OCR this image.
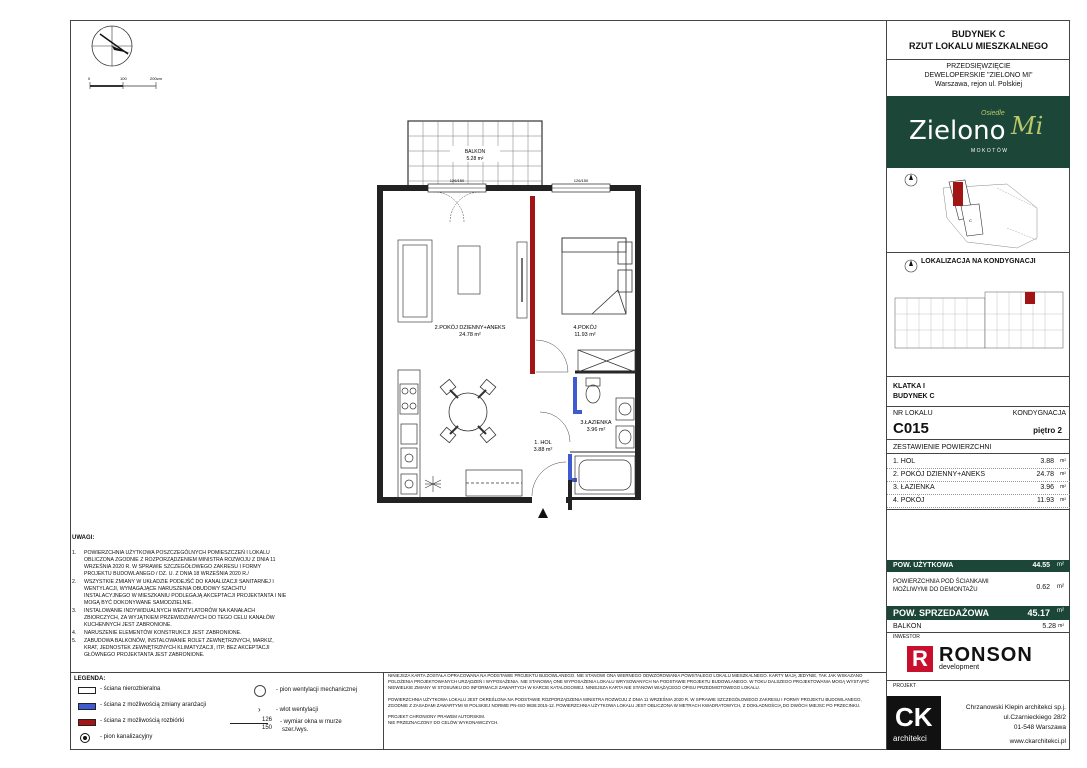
0	100	200cm
BALKON
5.28 m²
126/150	126/150
2.POKÓJ DZIENNY+ANEKS
24.78 m²
4.POKÓJ
11.93 m²
3.ŁAZIENKA
3.96 m²
1. HOL
3.88 m²
UWAGI:
1. POWIERZCHNIA UŻYTKOWA POSZCZEGÓLNYCH POMIESZCZEŃ I LOKALU OBLICZONA ZGODNIE Z ROZPORZĄDZENIEM MINISTRA ROZWOJU Z DNIA 11 WRZEŚNIA 2020 R. W SPRAWIE SZCZEGÓŁOWEGO ZAKRESU I FORMY PROJEKTU BUDOWLANEGO / DZ. U. Z DNIA 18 WRZEŚNIA 2020 R./
2. WSZYSTKIE ZMIANY W UKŁADZIE PODEJŚĆ DO KANALIZACJI SANITARNEJ I WENTYLACJI, WYMAGAJĄCE NARUSZENIA OBUDOWY SZACHTU INSTALACYJNEGO W MIESZKANIU PODLEGAJĄ AKCEPTACJI PROJEKTANTA I NIE MOGĄ BYĆ DOKONYWANE SAMODZIELNIE.
3. INSTALOWANIE INDYWIDUALNYCH WENTYLATORÓW NA KANAŁACH ZBIORCZYCH, ZA WYJĄTKIEM PRZEWIDZIANYCH DO TEGO CELU KANAŁÓW KUCHENNYCH JEST ZABRONIONE.
4. NARUSZENIE ELEMENTÓW KONSTRUKCJI JEST ZABRONIONE.
5. ZABUDOWA BALKONÓW, INSTALOWANIE ROLET ZEWNĘTRZNYCH, MARKIZ, KRAT, JEDNOSTEK ZEWNĘTRZNYCH KLIMATYZACJI, ITP. BEZ AKCEPTACJI GŁÓWNEGO PROJEKTANTA JEST ZABRONIONE.
LEGENDA:
- ściana nierozbieralna
- ściana z możliwością zmiany aranżacji
- ściana z możliwością rozbiórki
- pion kanalizacyjny
- pion wentylacji mechanicznej
›	- wlot wentylacji
126
150
- wymiar okna w murze
szer./wys.
NINIEJSZA KARTA ZOSTAŁA OPRACOWANA NA PODSTAWIE PROJEKTU BUDOWLANEGO. NIE STANOWI ONA WIERNEGO ODWZOROWANIA POWSTAŁEGO LOKALU MIESZKALNEGO. KARTY MAJĄ JEDYNIE, TAK JAK WSKAZANO POLOŻENIA PROJEKTOWANYCH URZĄDZEŃ I WYPOSAŻENIA. NIE STANOWIĄ ONE WYPOSAŻENIA LOKALU WRYSOWANYCH NA PODSTAWIE PROJEKTU BUDOWLANEGO. W TOKU DALSZEGO PROJEKTOWANIA MOGĄ WYSTĄPIĆ NIEWIELKIE ZMIANY W STOSUNKU DO INFORMACJI ZAWARTYCH W KARCIE KATALOGOWEJ. NINIEJSZA KARTA NIE STANOWI WIĄŻĄCEGO OPISU PRZEDMIOTOWEGO LOKALU.
POWIERZCHNIA UŻYTKOWA LOKALU JEST OKREŚLONA NA PODSTAWIE ROZPORZĄDZENIA MINISTRA ROZWOJU Z DNIA 11 WRZEŚNIA 2020 R. W SPRAWIE SZCZEGÓŁOWEGO ZAKRESU I FORMY PROJEKTU BUDOWLANEGO, ZGODNIE Z ZASADAMI ZAWARTYMI W POLSKIEJ NORMIE PN-ISO 9836:2015-12. POWIERZCHNIA UŻYTKOWA LOKALU JEST OBLICZONA W METRACH KWADRATOWYCH, Z DOKŁADNOŚCIĄ DO DWÓCH MIEJSC PO PRZECINKU.
PROJEKT CHRONIONY PRAWEM AUTORSKIM.
NIE PRZEZNACZONY DO CELÓW WYKONAWCZYCH.
BUDYNEK C
RZUT LOKALU MIESZKALNEGO
PRZEDSIĘWZIĘCIE
DEWELOPERSKIE "ZIELONO MI"
Warszawa, rejon ul. Polskiej
Osiedle
Zielono Mi
MOKOTÓW
C
LOKALIZACJA NA KONDYGNACJI
KLATKA I
BUDYNEK C
NR LOKALU	KONDYGNACJA
C015	piętro 2
ZESTAWIENIE POWIERZCHNI
1. HOL	3.88 m²
2. POKÓJ DZIENNY+ANEKS	24.78 m²
3. ŁAZIENKA	3.96 m²
4. POKÓJ	11.93 m²
POW. UŻYTKOWA	44.55 m²
POWIERZCHNIA POD ŚCIANKAMI
MOŻLIWYMI DO DEMONTAŻU	0.62 m²
POW. SPRZEDAŻOWA	45.17 m²
BALKON	5.28 m²
INWESTOR
R RONSON
development
PROJEKT
CK
architekci
Chrzanowski Klepin architekci sp.j.
ul.Czarnieckiego 28/2
01-548 Warszawa
www.ckarchitekci.pl
